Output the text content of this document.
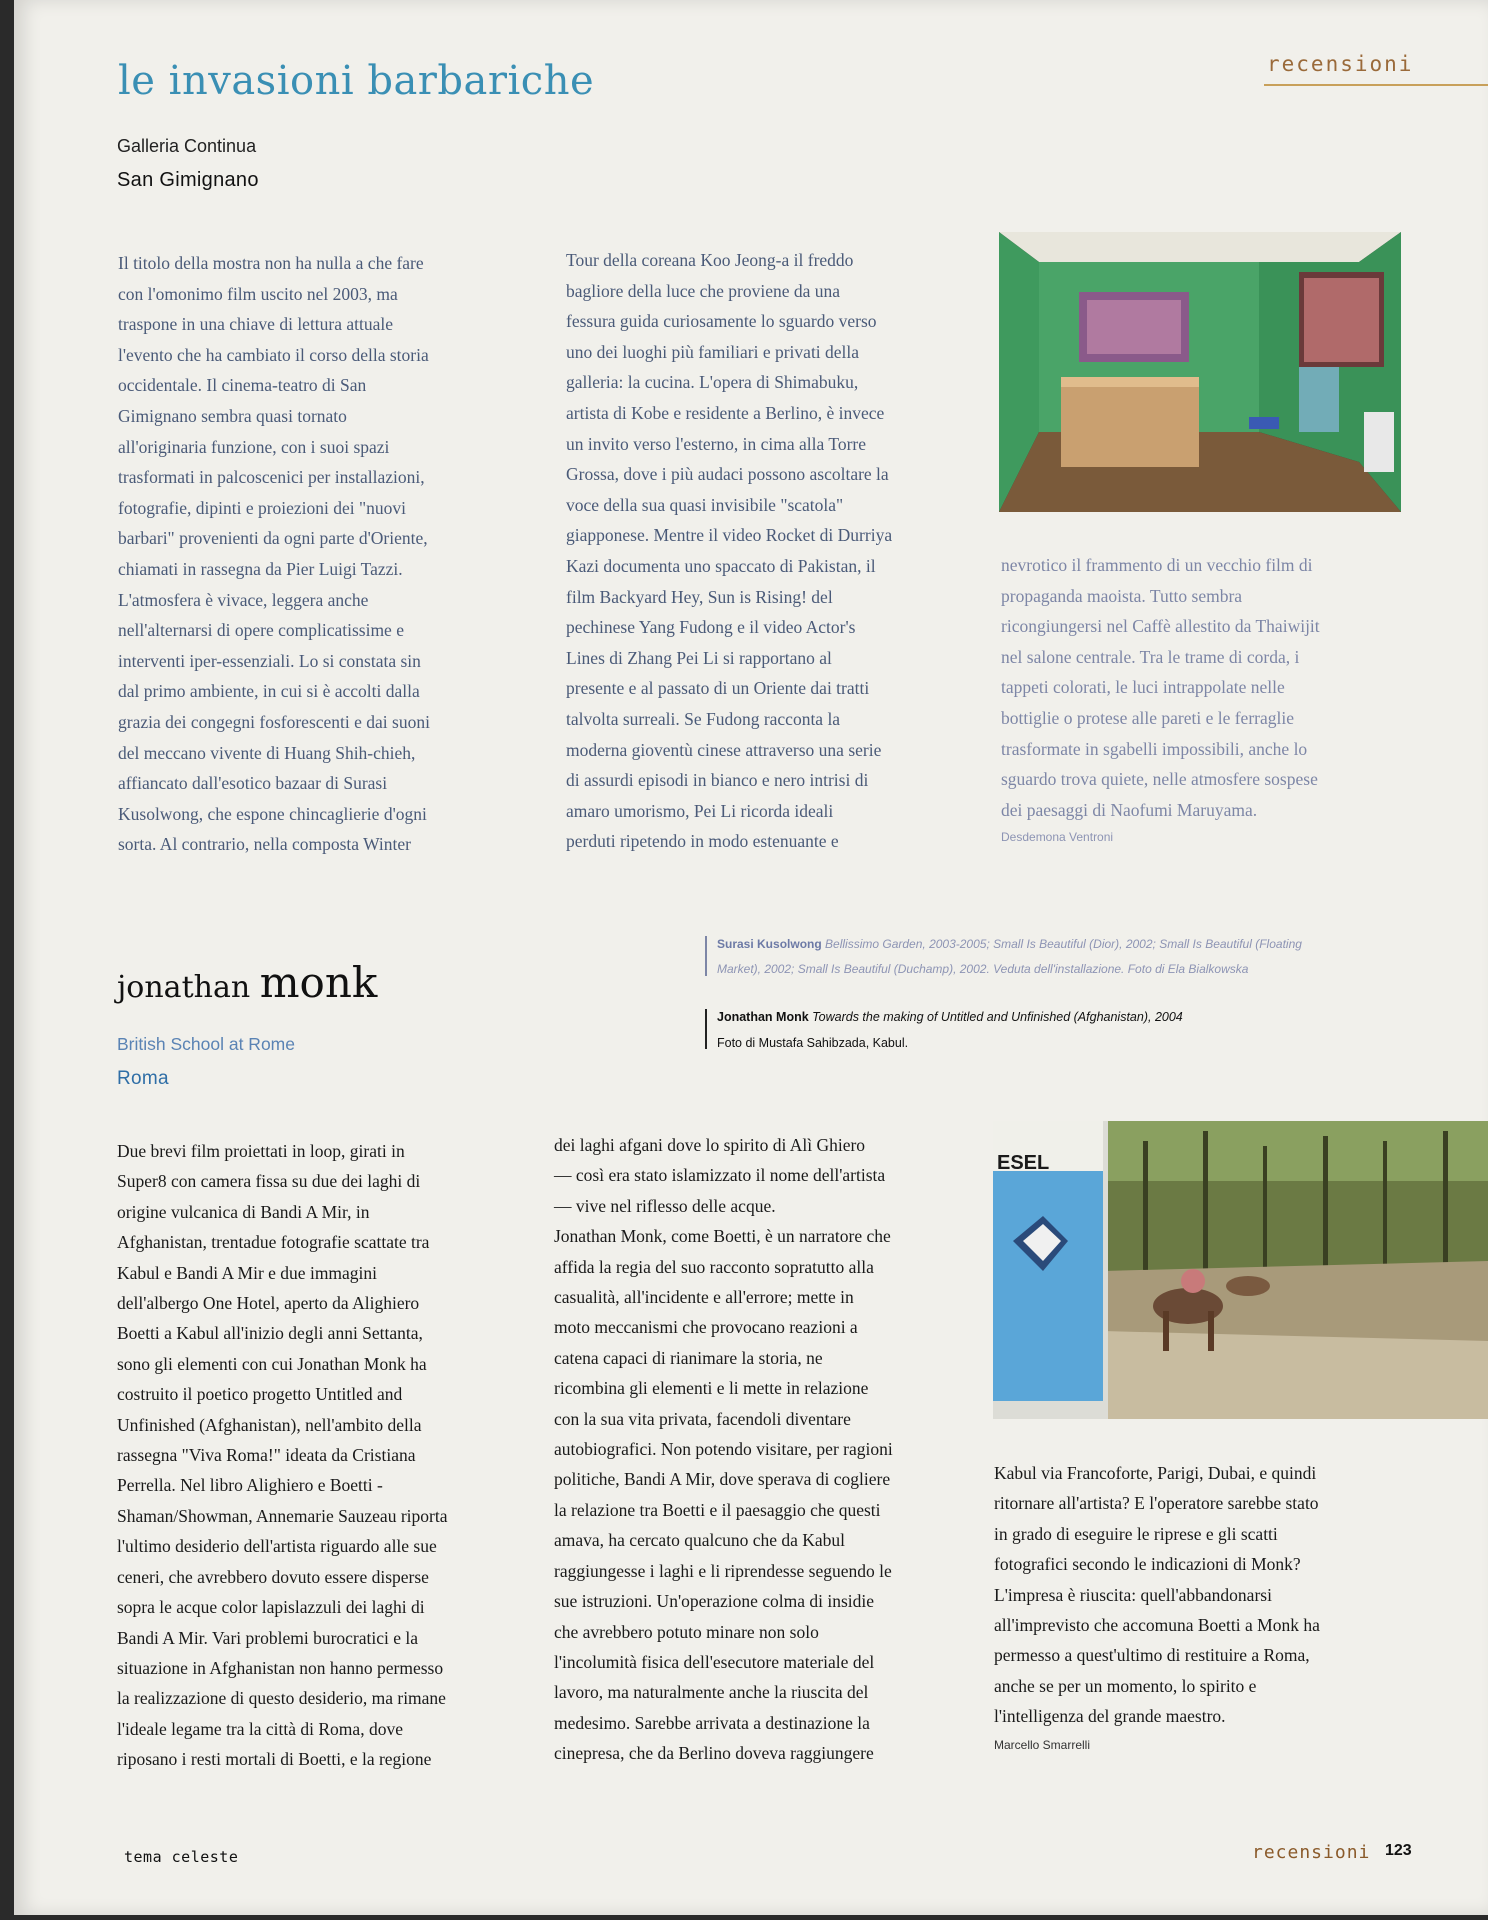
recensioni
le invasioni barbariche
Galleria Continua
San Gimignano

Il titolo della mostra non ha nulla a che fare

con l'omonimo film uscito nel 2003, ma

traspone in una chiave di lettura attuale

l'evento che ha cambiato il corso della storia

occidentale. Il cinema-teatro di San

Gimignano sembra quasi tornato

all'originaria funzione, con i suoi spazi

trasformati in palcoscenici per installazioni,

fotografie, dipinti e proiezioni dei "nuovi

barbari" provenienti da ogni parte d'Oriente,

chiamati in rassegna da Pier Luigi Tazzi.

L'atmosfera è vivace, leggera anche

nell'alternarsi di opere complicatissime e

interventi iper-essenziali. Lo si constata sin

dal primo ambiente, in cui si è accolti dalla

grazia dei congegni fosforescenti e dai suoni

del meccano vivente di Huang Shih-chieh,

affiancato dall'esotico bazaar di Surasi

Kusolwong, che espone chincaglierie d'ogni

sorta. Al contrario, nella composta Winter

Tour della coreana Koo Jeong-a il freddo

bagliore della luce che proviene da una

fessura guida curiosamente lo sguardo verso

uno dei luoghi più familiari e privati della

galleria: la cucina. L'opera di Shimabuku,

artista di Kobe e residente a Berlino, è invece

un invito verso l'esterno, in cima alla Torre

Grossa, dove i più audaci possono ascoltare la

voce della sua quasi invisibile "scatola"

giapponese. Mentre il video Rocket di Durriya

Kazi documenta uno spaccato di Pakistan, il

film Backyard Hey, Sun is Rising! del

pechinese Yang Fudong e il video Actor's

Lines di Zhang Pei Li si rapportano al

presente e al passato di un Oriente dai tratti

talvolta surreali. Se Fudong racconta la

moderna gioventù cinese attraverso una serie

di assurdi episodi in bianco e nero intrisi di

amaro umorismo, Pei Li ricorda ideali

perduti ripetendo in modo estenuante e

nevrotico il frammento di un vecchio film di

propaganda maoista. Tutto sembra

ricongiungersi nel Caffè allestito da Thaiwijit

nel salone centrale. Tra le trame di corda, i

tappeti colorati, le luci intrappolate nelle

bottiglie o protese alle pareti e le ferraglie

trasformate in sgabelli impossibili, anche lo

sguardo trova quiete, nelle atmosfere sospese

dei paesaggi di Naofumi Maruyama.

Desdemona Ventroni
Surasi Kusolwong Bellissimo Garden, 2003-2005; Small Is Beautiful (Dior), 2002; Small Is Beautiful (Floating
Market), 2002; Small Is Beautiful (Duchamp), 2002. Veduta dell'installazione. Foto di Ela Bialkowska
Jonathan Monk Towards the making of Untitled and Unfinished (Afghanistan), 2004
Foto di Mustafa Sahibzada, Kabul.
jonathan monk
British School at Rome
Roma

Due brevi film proiettati in loop, girati in

Super8 con camera fissa su due dei laghi di

origine vulcanica di Bandi A Mir, in

Afghanistan, trentadue fotografie scattate tra

Kabul e Bandi A Mir e due immagini

dell'albergo One Hotel, aperto da Alighiero

Boetti a Kabul all'inizio degli anni Settanta,

sono gli elementi con cui Jonathan Monk ha

costruito il poetico progetto Untitled and

Unfinished (Afghanistan), nell'ambito della

rassegna "Viva Roma!" ideata da Cristiana

Perrella. Nel libro Alighiero e Boetti -

Shaman/Showman, Annemarie Sauzeau riporta

l'ultimo desiderio dell'artista riguardo alle sue

ceneri, che avrebbero dovuto essere disperse

sopra le acque color lapislazzuli dei laghi di

Bandi A Mir. Vari problemi burocratici e la

situazione in Afghanistan non hanno permesso

la realizzazione di questo desiderio, ma rimane

l'ideale legame tra la città di Roma, dove

riposano i resti mortali di Boetti, e la regione

dei laghi afgani dove lo spirito di Alì Ghiero

— così era stato islamizzato il nome dell'artista

— vive nel riflesso delle acque.

Jonathan Monk, come Boetti, è un narratore che

affida la regia del suo racconto sopratutto alla

casualità, all'incidente e all'errore; mette in

moto meccanismi che provocano reazioni a

catena capaci di rianimare la storia, ne

ricombina gli elementi e li mette in relazione

con la sua vita privata, facendoli diventare

autobiografici. Non potendo visitare, per ragioni

politiche, Bandi A Mir, dove sperava di cogliere

la relazione tra Boetti e il paesaggio che questi

amava, ha cercato qualcuno che da Kabul

raggiungesse i laghi e li riprendesse seguendo le

sue istruzioni. Un'operazione colma di insidie

che avrebbero potuto minare non solo

l'incolumità fisica dell'esecutore materiale del

lavoro, ma naturalmente anche la riuscita del

medesimo. Sarebbe arrivata a destinazione la

cinepresa, che da Berlino doveva raggiungere

ESEL

Kabul via Francoforte, Parigi, Dubai, e quindi

ritornare all'artista? E l'operatore sarebbe stato

in grado di eseguire le riprese e gli scatti

fotografici secondo le indicazioni di Monk?

L'impresa è riuscita: quell'abbandonarsi

all'imprevisto che accomuna Boetti a Monk ha

permesso a quest'ultimo di restituire a Roma,

anche se per un momento, lo spirito e

l'intelligenza del grande maestro.

Marcello Smarrelli
tema celeste	recensioni 123
